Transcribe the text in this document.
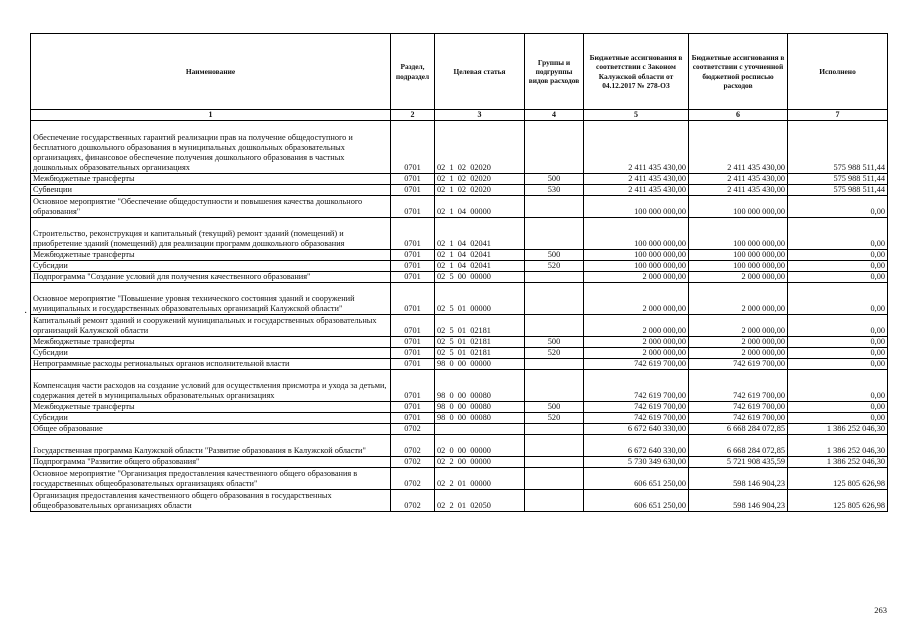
Наименование	Раздел, подраздел	Целевая статья	Группы и подгруппы видов расходов	Бюджетные ассигнования в соответствии с Законом Калужской области от 04.12.2017 № 278-ОЗ	Бюджетные ассигнования в соответствии с уточненной бюджетной росписью расходов	Исполнено
1	2	3	4	5	6	7
Обеспечение государственных гарантий реализации прав на получение общедоступного и бесплатного дошкольного образования в муниципальных дошкольных образовательных организациях, финансовое обеспечение получения дошкольного образования в частных дошкольных образовательных организациях	0701	02  1  02  02020		2 411 435 430,00	2 411 435 430,00	575 988 511,44
Межбюджетные трансферты	0701	02  1  02  02020	500	2 411 435 430,00	2 411 435 430,00	575 988 511,44
Субвенции	0701	02  1  02  02020	530	2 411 435 430,00	2 411 435 430,00	575 988 511,44
Основное мероприятие "Обеспечение общедоступности и повышения качества дошкольного образования"	0701	02  1  04  00000		100 000 000,00	100 000 000,00	0,00
Строительство, реконструкция и капитальный (текущий) ремонт зданий (помещений) и приобретение зданий (помещений) для реализации программ дошкольного образования	0701	02  1  04  02041		100 000 000,00	100 000 000,00	0,00
Межбюджетные трансферты	0701	02  1  04  02041	500	100 000 000,00	100 000 000,00	0,00
Субсидии	0701	02  1  04  02041	520	100 000 000,00	100 000 000,00	0,00
Подпрограмма "Создание условий для получения качественного образования"	0701	02  5  00  00000		2 000 000,00	2 000 000,00	0,00
Основное мероприятие "Повышение уровня технического состояния зданий и сооружений муниципальных и государственных образовательных организаций Калужской области"	0701	02  5  01  00000		2 000 000,00	2 000 000,00	0,00
Капитальный ремонт зданий и сооружений муниципальных и государственных образовательных организаций Калужской области	0701	02  5  01  02181		2 000 000,00	2 000 000,00	0,00
Межбюджетные трансферты	0701	02  5  01  02181	500	2 000 000,00	2 000 000,00	0,00
Субсидии	0701	02  5  01  02181	520	2 000 000,00	2 000 000,00	0,00
Непрограммные расходы региональных органов исполнительной власти	0701	98  0  00  00000		742 619 700,00	742 619 700,00	0,00
Компенсация части расходов на создание условий для осуществления присмотра и ухода за детьми, содержания детей в муниципальных образовательных организациях	0701	98  0  00  00080		742 619 700,00	742 619 700,00	0,00
Межбюджетные трансферты	0701	98  0  00  00080	500	742 619 700,00	742 619 700,00	0,00
Субсидии	0701	98  0  00  00080	520	742 619 700,00	742 619 700,00	0,00
Общее образование	0702			6 672 640 330,00	6 668 284 072,85	1 386 252 046,30
Государственная программа Калужской области "Развитие образования в Калужской области"	0702	02  0  00  00000		6 672 640 330,00	6 668 284 072,85	1 386 252 046,30
Подпрограмма "Развитие общего образования"	0702	02  2  00  00000		5 730 349 630,00	5 721 908 435,59	1 386 252 046,30
Основное мероприятие "Организация предоставления качественного общего образования в государственных общеобразовательных организациях области"	0702	02  2  01  00000		606 651 250,00	598 146 904,23	125 805 626,98
Организация предоставления качественного общего образования в государственных общеобразовательных организациях области	0702	02  2  01  02050		606 651 250,00	598 146 904,23	125 805 626,98
·
263
